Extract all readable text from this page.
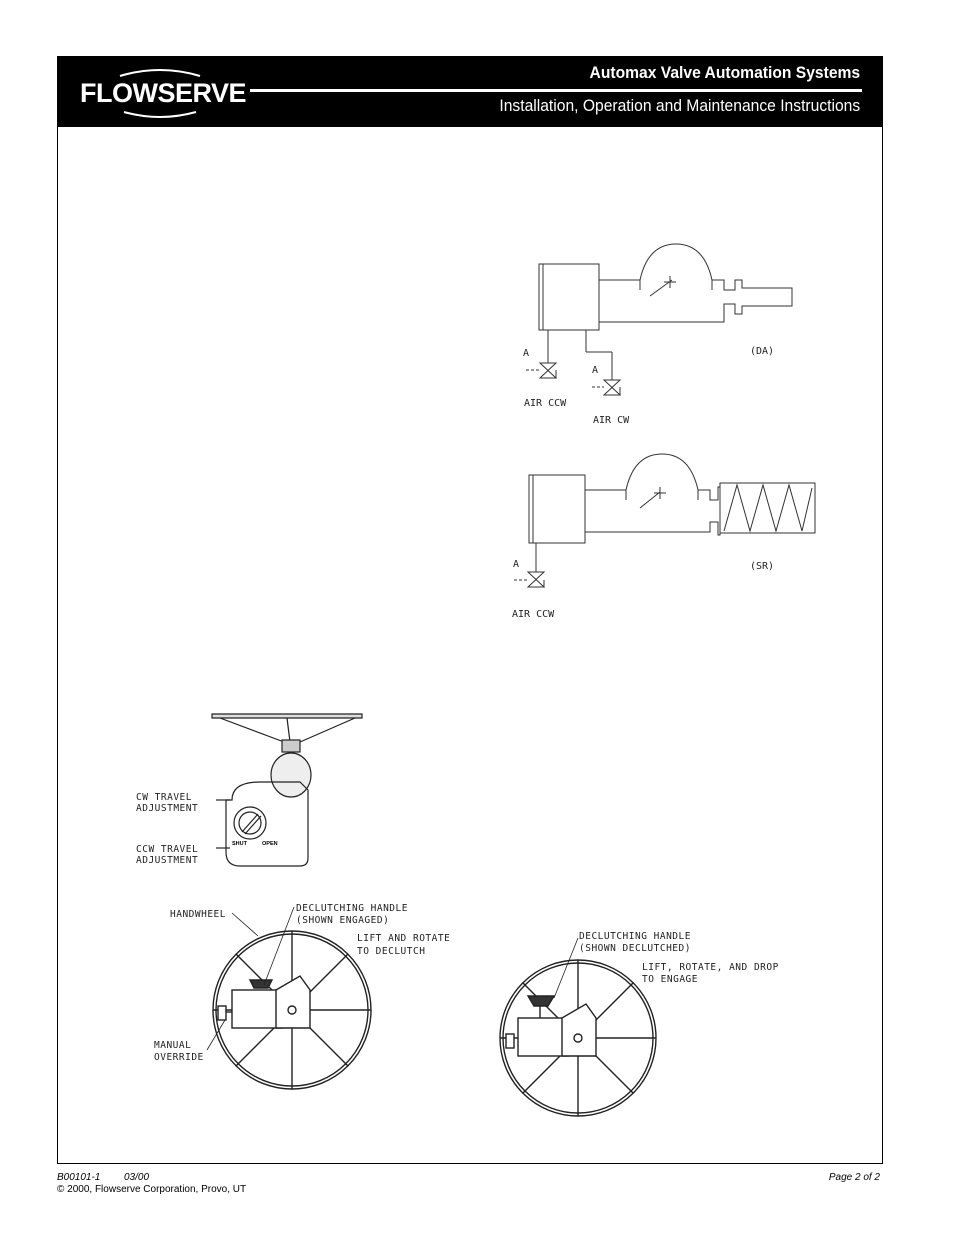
FLOWSERVE
Automax Valve Automation Systems
Installation, Operation and Maintenance Instructions
(DA)
A
A
AIR CCW
AIR CW
(SR)
A
AIR CCW
CW TRAVEL
ADJUSTMENT
CCW TRAVEL
ADJUSTMENT
SHUT	OPEN
HANDWHEEL
DECLUTCHING HANDLE
(SHOWN ENGAGED)
LIFT AND ROTATE
TO DECLUTCH
MANUAL
OVERRIDE
DECLUTCHING HANDLE
(SHOWN DECLUTCHED)
LIFT, ROTATE, AND DROP
TO ENGAGE
B00101-1 03/00
© 2000, Flowserve Corporation, Provo, UT
Page 2 of 2
